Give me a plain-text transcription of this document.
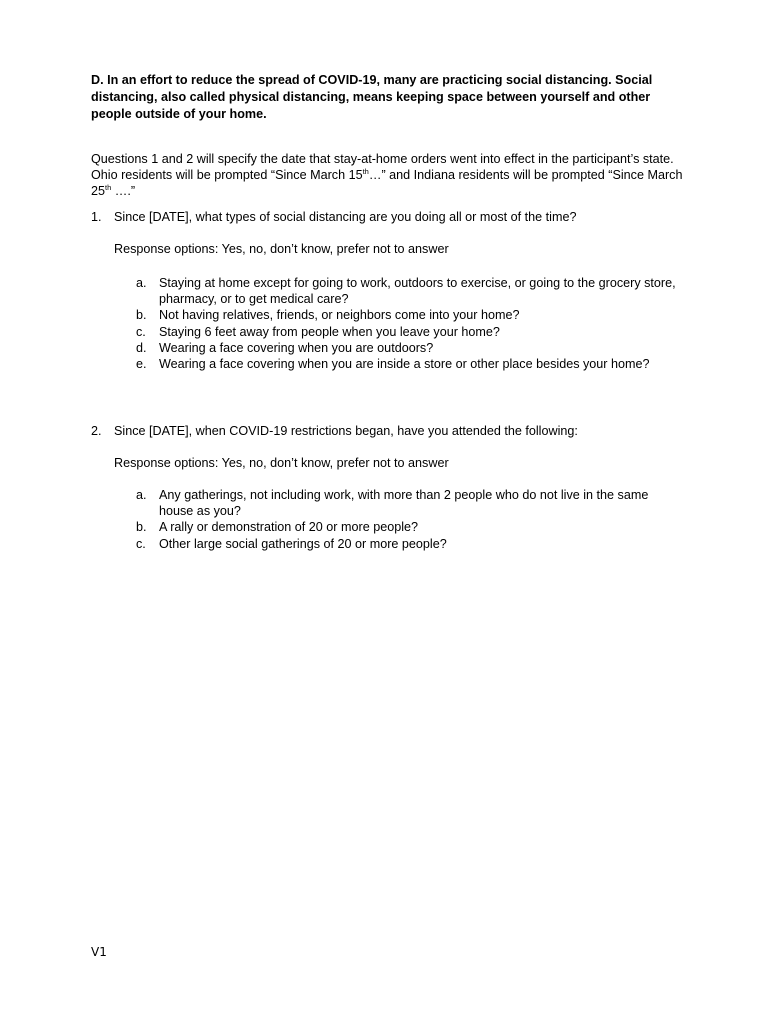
D. In an effort to reduce the spread of COVID-19, many are practicing social distancing. Social distancing, also called physical distancing, means keeping space between yourself and other people outside of your home.
Questions 1 and 2 will specify the date that stay-at-home orders went into effect in the participant’s state. Ohio residents will be prompted “Since March 15th…” and Indiana residents will be prompted “Since March 25th ….”
1. Since [DATE], what types of social distancing are you doing all or most of the time?
Response options: Yes, no, don’t know, prefer not to answer
a. Staying at home except for going to work, outdoors to exercise, or going to the grocery store, pharmacy, or to get medical care?
b. Not having relatives, friends, or neighbors come into your home?
c. Staying 6 feet away from people when you leave your home?
d. Wearing a face covering when you are outdoors?
e. Wearing a face covering when you are inside a store or other place besides your home?
2. Since [DATE], when COVID-19 restrictions began, have you attended the following:
Response options: Yes, no, don’t know, prefer not to answer
a. Any gatherings, not including work, with more than 2 people who do not live in the same house as you?
b. A rally or demonstration of 20 or more people?
c. Other large social gatherings of 20 or more people?
V1
